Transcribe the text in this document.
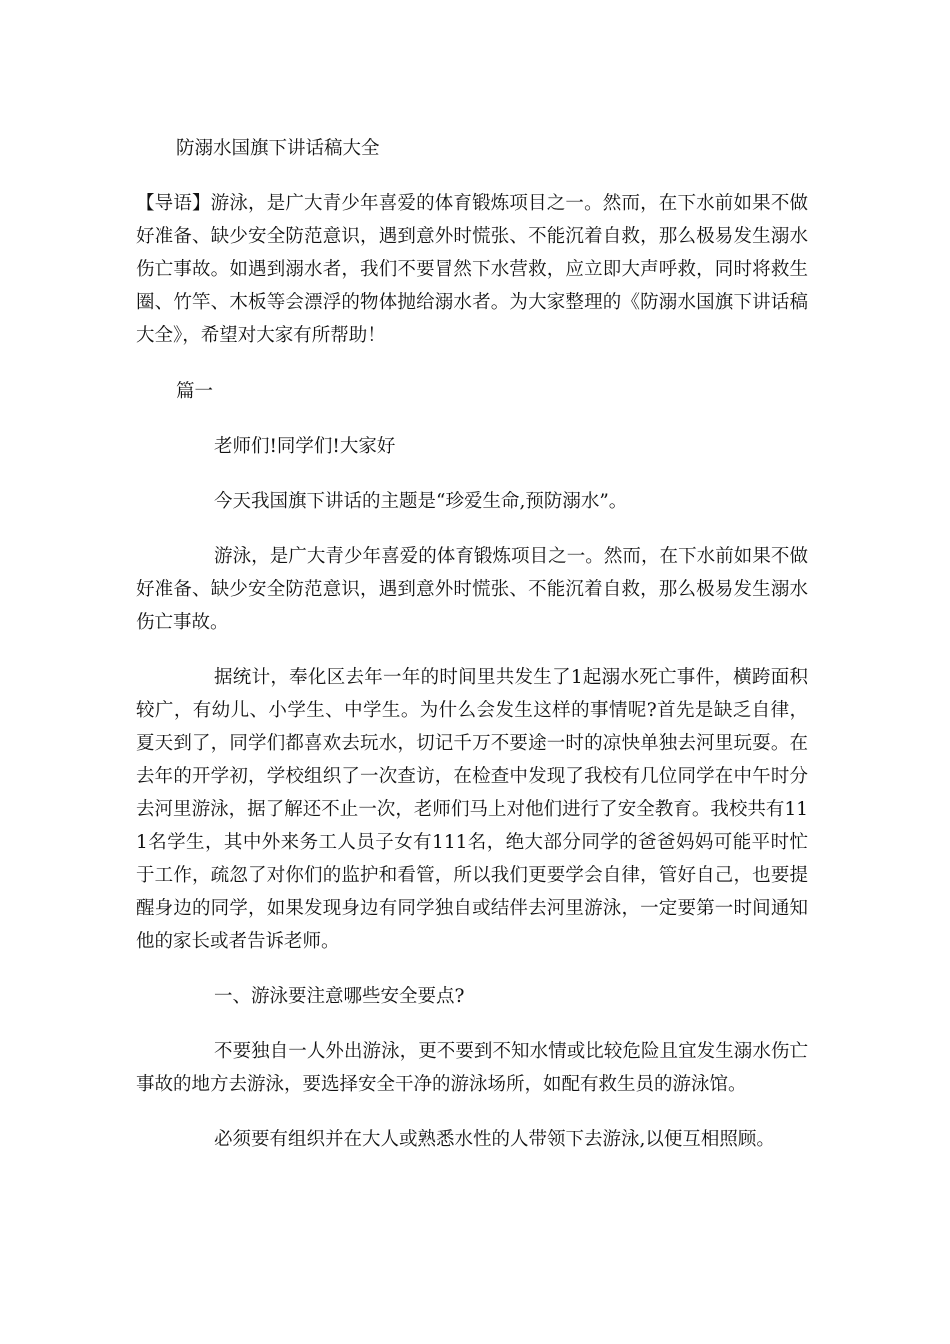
防溺水国旗下讲话稿大全

【导语】游泳，是广大青少年喜爱的体育锻炼项目之一。然而，在下水前如果不做好准备、缺少安全防范意识，遇到意外时慌张、不能沉着自救，那么极易发生溺水伤亡事故。如遇到溺水者，我们不要冒然下水营救，应立即大声呼救，同时将救生圈、竹竿、木板等会漂浮的物体抛给溺水者。为大家整理的《防溺水国旗下讲话稿大全》，希望对大家有所帮助！

篇一

老师们!同学们!大家好

今天我国旗下讲话的主题是“珍爱生命,预防溺水”。

游泳，是广大青少年喜爱的体育锻炼项目之一。然而，在下水前如果不做好准备、缺少安全防范意识，遇到意外时慌张、不能沉着自救，那么极易发生溺水伤亡事故。

据统计，奉化区去年一年的时间里共发生了1起溺水死亡事件，横跨面积较广，有幼儿、小学生、中学生。为什么会发生这样的事情呢?首先是缺乏自律，夏天到了，同学们都喜欢去玩水，切记千万不要途一时的凉快单独去河里玩耍。在去年的开学初，学校组织了一次查访，在检查中发现了我校有几位同学在中午时分去河里游泳，据了解还不止一次，老师们马上对他们进行了安全教育。我校共有111名学生，其中外来务工人员子女有111名，绝大部分同学的爸爸妈妈可能平时忙于工作，疏忽了对你们的监护和看管，所以我们更要学会自律，管好自己，也要提醒身边的同学，如果发现身边有同学独自或结伴去河里游泳，一定要第一时间通知他的家长或者告诉老师。

一、游泳要注意哪些安全要点?

不要独自一人外出游泳，更不要到不知水情或比较危险且宜发生溺水伤亡事故的地方去游泳，要选择安全干净的游泳场所，如配有救生员的游泳馆。

必须要有组织并在大人或熟悉水性的人带领下去游泳,以便互相照顾。
